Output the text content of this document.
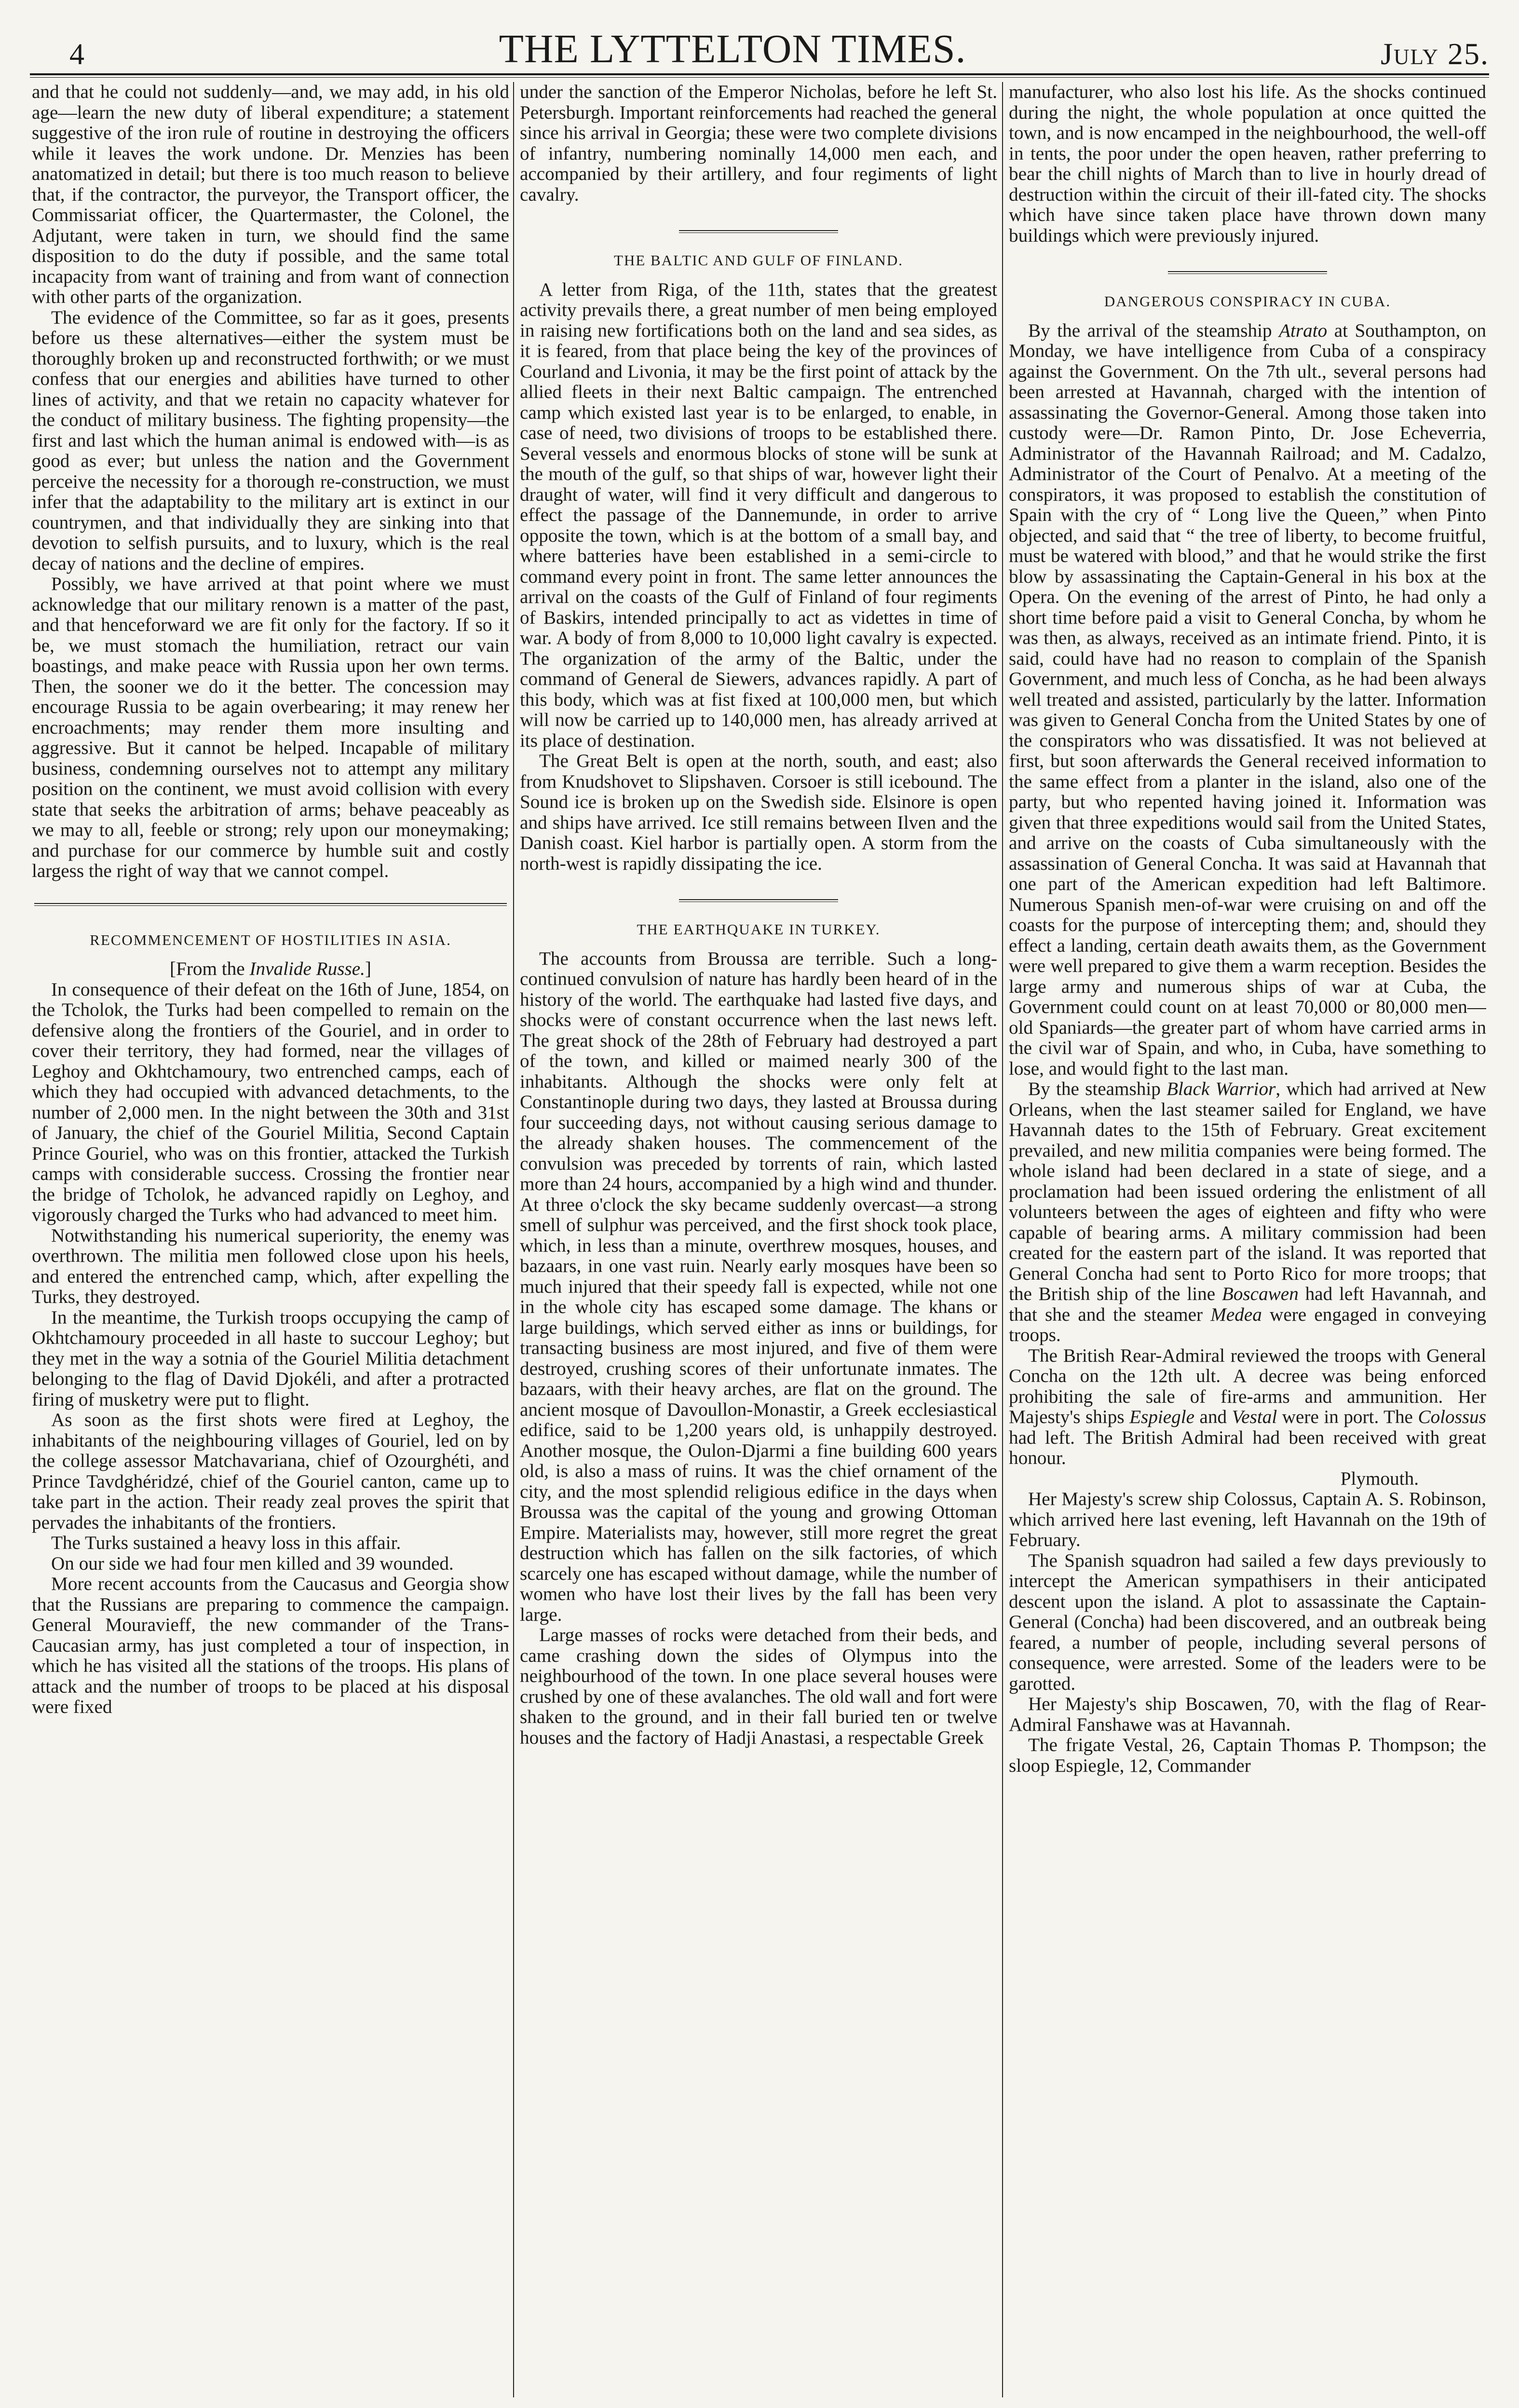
4	THE LYTTELTON TIMES.	July 25.

and that he could not suddenly—and, we may add, in his old age—learn the new duty of liberal expenditure; a statement suggestive of the iron rule of routine in destroying the officers while it leaves the work undone. Dr. Menzies has been anatomatized in detail; but there is too much reason to believe that, if the contractor, the purveyor, the Transport officer, the Commissariat officer, the Quartermaster, the Colonel, the Adjutant, were taken in turn, we should find the same disposition to do the duty if possible, and the same total incapacity from want of training and from want of connection with other parts of the organization.

The evidence of the Committee, so far as it goes, presents before us these alternatives—either the system must be thoroughly broken up and reconstructed forthwith; or we must confess that our energies and abilities have turned to other lines of activity, and that we retain no capacity whatever for the conduct of military business. The fighting propensity—the first and last which the human animal is endowed with—is as good as ever; but unless the nation and the Government perceive the necessity for a thorough re-construction, we must infer that the adaptability to the military art is extinct in our countrymen, and that individually they are sinking into that devotion to selfish pursuits, and to luxury, which is the real decay of nations and the decline of empires.

Possibly, we have arrived at that point where we must acknowledge that our military renown is a matter of the past, and that henceforward we are fit only for the factory. If so it be, we must stomach the humiliation, retract our vain boastings, and make peace with Russia upon her own terms. Then, the sooner we do it the better. The concession may encourage Russia to be again overbearing; it may renew her encroachments; may render them more insulting and aggressive. But it cannot be helped. Incapable of military business, condemning ourselves not to attempt any military position on the continent, we must avoid collision with every state that seeks the arbitration of arms; behave peaceably as we may to all, feeble or strong; rely upon our moneymaking; and purchase for our commerce by humble suit and costly largess the right of way that we cannot compel.

RECOMMENCEMENT OF HOSTILITIES IN ASIA.

[From the Invalide Russe.]

In consequence of their defeat on the 16th of June, 1854, on the Tcholok, the Turks had been compelled to remain on the defensive along the frontiers of the Gouriel, and in order to cover their territory, they had formed, near the villages of Leghoy and Okhtchamoury, two entrenched camps, each of which they had occupied with advanced detachments, to the number of 2,000 men. In the night between the 30th and 31st of January, the chief of the Gouriel Militia, Second Captain Prince Gouriel, who was on this frontier, attacked the Turkish camps with considerable success. Crossing the frontier near the bridge of Tcholok, he advanced rapidly on Leghoy, and vigorously charged the Turks who had advanced to meet him.

Notwithstanding his numerical superiority, the enemy was overthrown. The militia men followed close upon his heels, and entered the entrenched camp, which, after expelling the Turks, they destroyed.

In the meantime, the Turkish troops occupying the camp of Okhtchamoury proceeded in all haste to succour Leghoy; but they met in the way a sotnia of the Gouriel Militia detachment belonging to the flag of David Djokéli, and after a protracted firing of musketry were put to flight.

As soon as the first shots were fired at Leghoy, the inhabitants of the neighbouring villages of Gouriel, led on by the college assessor Matchavariana, chief of Ozourghéti, and Prince Tavdghéridzé, chief of the Gouriel canton, came up to take part in the action. Their ready zeal proves the spirit that pervades the inhabitants of the frontiers.

The Turks sustained a heavy loss in this affair.

On our side we had four men killed and 39 wounded.

More recent accounts from the Caucasus and Georgia show that the Russians are preparing to commence the campaign. General Mouravieff, the new commander of the Trans-Caucasian army, has just completed a tour of inspection, in which he has visited all the stations of the troops. His plans of attack and the number of troops to be placed at his disposal were fixed

under the sanction of the Emperor Nicholas, before he left St. Petersburgh. Important reinforcements had reached the general since his arrival in Georgia; these were two complete divisions of infantry, numbering nominally 14,000 men each, and accompanied by their artillery, and four regiments of light cavalry.

THE BALTIC AND GULF OF FINLAND.

A letter from Riga, of the 11th, states that the greatest activity prevails there, a great number of men being employed in raising new fortifications both on the land and sea sides, as it is feared, from that place being the key of the provinces of Courland and Livonia, it may be the first point of attack by the allied fleets in their next Baltic campaign. The entrenched camp which existed last year is to be enlarged, to enable, in case of need, two divisions of troops to be established there. Several vessels and enormous blocks of stone will be sunk at the mouth of the gulf, so that ships of war, however light their draught of water, will find it very difficult and dangerous to effect the passage of the Dannemunde, in order to arrive opposite the town, which is at the bottom of a small bay, and where batteries have been established in a semi-circle to command every point in front. The same letter announces the arrival on the coasts of the Gulf of Finland of four regiments of Baskirs, intended principally to act as videttes in time of war. A body of from 8,000 to 10,000 light cavalry is expected. The organization of the army of the Baltic, under the command of General de Siewers, advances rapidly. A part of this body, which was at fist fixed at 100,000 men, but which will now be carried up to 140,000 men, has already arrived at its place of destination.

The Great Belt is open at the north, south, and east; also from Knudshovet to Slipshaven. Corsoer is still icebound. The Sound ice is broken up on the Swedish side. Elsinore is open and ships have arrived. Ice still remains between Ilven and the Danish coast. Kiel harbor is partially open. A storm from the north-west is rapidly dissipating the ice.

THE EARTHQUAKE IN TURKEY.

The accounts from Broussa are terrible. Such a long-continued convulsion of nature has hardly been heard of in the history of the world. The earthquake had lasted five days, and shocks were of constant occurrence when the last news left. The great shock of the 28th of February had destroyed a part of the town, and killed or maimed nearly 300 of the inhabitants. Although the shocks were only felt at Constantinople during two days, they lasted at Broussa during four succeeding days, not without causing serious damage to the already shaken houses. The commencement of the convulsion was preceded by torrents of rain, which lasted more than 24 hours, accompanied by a high wind and thunder. At three o'clock the sky became suddenly overcast—a strong smell of sulphur was perceived, and the first shock took place, which, in less than a minute, overthrew mosques, houses, and bazaars, in one vast ruin. Nearly early mosques have been so much injured that their speedy fall is expected, while not one in the whole city has escaped some damage. The khans or large buildings, which served either as inns or buildings, for transacting business are most injured, and five of them were destroyed, crushing scores of their unfortunate inmates. The bazaars, with their heavy arches, are flat on the ground. The ancient mosque of Davoullon-Monastir, a Greek ecclesiastical edifice, said to be 1,200 years old, is unhappily destroyed. Another mosque, the Oulon-Djarmi a fine building 600 years old, is also a mass of ruins. It was the chief ornament of the city, and the most splendid religious edifice in the days when Broussa was the capital of the young and growing Ottoman Empire. Materialists may, however, still more regret the great destruction which has fallen on the silk factories, of which scarcely one has escaped without damage, while the number of women who have lost their lives by the fall has been very large.

Large masses of rocks were detached from their beds, and came crashing down the sides of Olympus into the neighbourhood of the town. In one place several houses were crushed by one of these avalanches. The old wall and fort were shaken to the ground, and in their fall buried ten or twelve houses and the factory of Hadji Anastasi, a respectable Greek

manufacturer, who also lost his life. As the shocks continued during the night, the whole population at once quitted the town, and is now encamped in the neighbourhood, the well-off in tents, the poor under the open heaven, rather preferring to bear the chill nights of March than to live in hourly dread of destruction within the circuit of their ill-fated city. The shocks which have since taken place have thrown down many buildings which were previously injured.

DANGEROUS CONSPIRACY IN CUBA.

By the arrival of the steamship Atrato at Southampton, on Monday, we have intelligence from Cuba of a conspiracy against the Government. On the 7th ult., several persons had been arrested at Havannah, charged with the intention of assassinating the Governor-General. Among those taken into custody were—Dr. Ramon Pinto, Dr. Jose Echeverria, Administrator of the Havannah Railroad; and M. Cadalzo, Administrator of the Court of Penalvo. At a meeting of the conspirators, it was proposed to establish the constitution of Spain with the cry of “ Long live the Queen,” when Pinto objected, and said that “ the tree of liberty, to become fruitful, must be watered with blood,” and that he would strike the first blow by assassinating the Captain-General in his box at the Opera. On the evening of the arrest of Pinto, he had only a short time before paid a visit to General Concha, by whom he was then, as always, received as an intimate friend. Pinto, it is said, could have had no reason to complain of the Spanish Government, and much less of Concha, as he had been always well treated and assisted, particularly by the latter. Information was given to General Concha from the United States by one of the conspirators who was dissatisfied. It was not believed at first, but soon afterwards the General received information to the same effect from a planter in the island, also one of the party, but who repented having joined it. Information was given that three expeditions would sail from the United States, and arrive on the coasts of Cuba simultaneously with the assassination of General Concha. It was said at Havannah that one part of the American expedition had left Baltimore. Numerous Spanish men-of-war were cruising on and off the coasts for the purpose of intercepting them; and, should they effect a landing, certain death awaits them, as the Government were well prepared to give them a warm reception. Besides the large army and numerous ships of war at Cuba, the Government could count on at least 70,000 or 80,000 men—old Spaniards—the greater part of whom have carried arms in the civil war of Spain, and who, in Cuba, have something to lose, and would fight to the last man.

By the steamship Black Warrior, which had arrived at New Orleans, when the last steamer sailed for England, we have Havannah dates to the 15th of February. Great excitement prevailed, and new militia companies were being formed. The whole island had been declared in a state of siege, and a proclamation had been issued ordering the enlistment of all volunteers between the ages of eighteen and fifty who were capable of bearing arms. A military commission had been created for the eastern part of the island. It was reported that General Concha had sent to Porto Rico for more troops; that the British ship of the line Boscawen had left Havannah, and that she and the steamer Medea were engaged in conveying troops.

The British Rear-Admiral reviewed the troops with General Concha on the 12th ult. A decree was being enforced prohibiting the sale of fire-arms and ammunition. Her Majesty's ships Espiegle and Vestal were in port. The Colossus had left. The British Admiral had been received with great honour.

Plymouth.

Her Majesty's screw ship Colossus, Captain A. S. Robinson, which arrived here last evening, left Havannah on the 19th of February.

The Spanish squadron had sailed a few days previously to intercept the American sympathisers in their anticipated descent upon the island. A plot to assassinate the Captain-General (Concha) had been discovered, and an outbreak being feared, a number of people, including several persons of consequence, were arrested. Some of the leaders were to be garotted.

Her Majesty's ship Boscawen, 70, with the flag of Rear-Admiral Fanshawe was at Havannah.

The frigate Vestal, 26, Captain Thomas P. Thompson; the sloop Espiegle, 12, Commander
